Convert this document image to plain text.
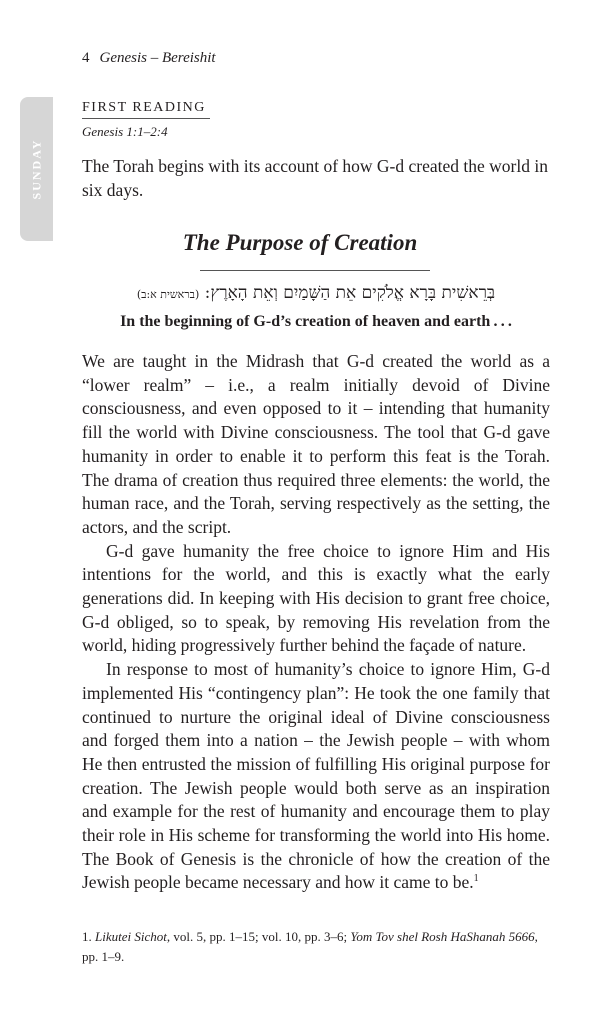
4 Genesis – Bereishit
SUNDAY
FIRST READING
Genesis 1:1–2:4

The Torah begins with its account of how G-d created the world in six days.

The Purpose of Creation
בְּרֵאשִׁית בָּרָא אֱלֹקִים אֵת הַשָּׁמַיִם וְאֵת הָאָרֶץ: (בראשית א:ב)
In the beginning of G-d’s creation of heaven and earth . . .

We are taught in the Midrash that G-d created the world as a “lower realm” – i.e., a realm initially devoid of Divine consciousness, and even opposed to it – intending that humanity fill the world with Divine consciousness. The tool that G-d gave humanity in order to enable it to perform this feat is the Torah. The drama of creation thus required three elements: the world, the human race, and the Torah, serving respectively as the setting, the actors, and the script.

G-d gave humanity the free choice to ignore Him and His intentions for the world, and this is exactly what the early generations did. In keeping with His decision to grant free choice, G-d obliged, so to speak, by removing His revelation from the world, hiding progressively further behind the façade of nature.

In response to most of humanity’s choice to ignore Him, G-d implemented His “contingency plan”: He took the one family that continued to nurture the original ideal of Divine consciousness and forged them into a nation – the Jewish people – with whom He then entrusted the mission of fulfilling His original purpose for creation. The Jewish people would both serve as an inspiration and example for the rest of humanity and encourage them to play their role in His scheme for transforming the world into His home. The Book of Genesis is the chronicle of how the creation of the Jewish people became necessary and how it came to be.$^1$

1. Likutei Sichot, vol. 5, pp. 1–15; vol. 10, pp. 3–6; Yom Tov shel Rosh HaShanah 5666, pp. 1–9.
